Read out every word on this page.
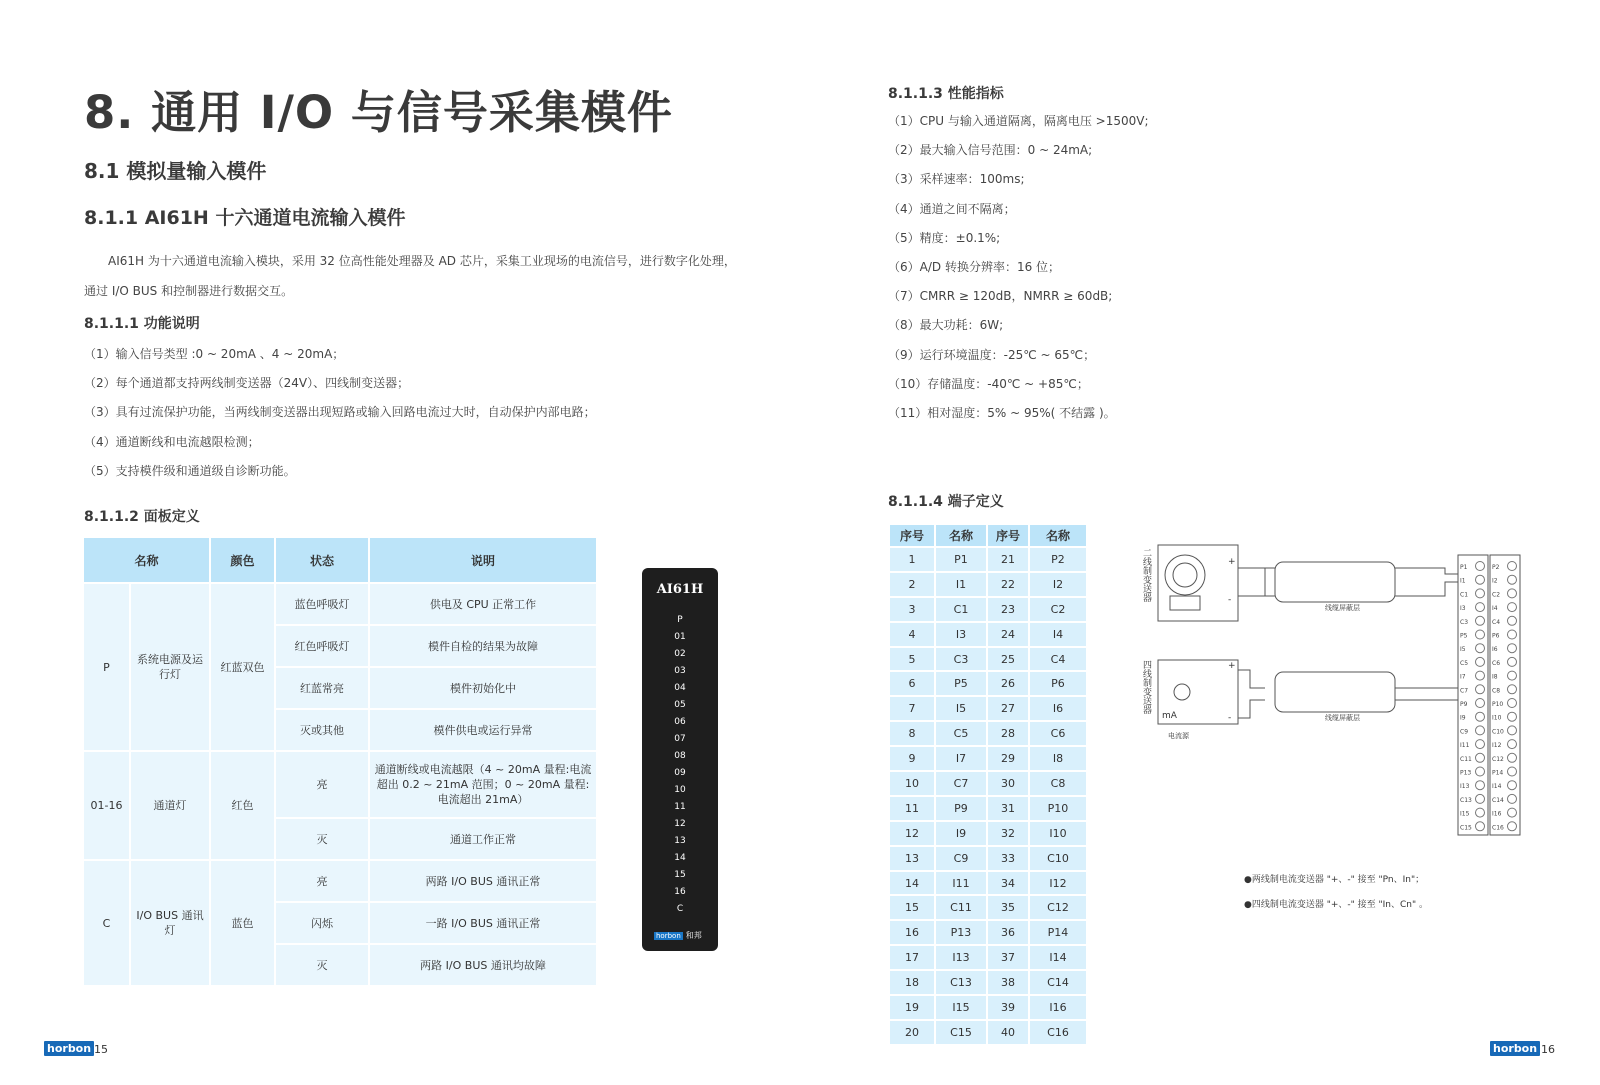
8. 通用 I/O 与信号采集模件
8.1 模拟量输入模件
8.1.1 AI61H 十六通道电流输入模件
AI61H 为十六通道电流输入模块，采用 32 位高性能处理器及 AD 芯片，采集工业现场的电流信号，进行数字化处理，
通过 I/O BUS 和控制器进行数据交互。
8.1.1.1 功能说明
（1）输入信号类型 :0 ~ 20mA 、4 ~ 20mA；
（2）每个通道都支持两线制变送器（24V）、四线制变送器；
（3）具有过流保护功能，当两线制变送器出现短路或输入回路电流过大时，自动保护内部电路；
（4）通道断线和电流越限检测；
（5）支持模件级和通道级自诊断功能。
8.1.1.2 面板定义
名称		颜色	状态	说明
P	系统电源及运行灯	红蓝双色	蓝色呼吸灯	供电及 CPU 正常工作
			红色呼吸灯	模件自检的结果为故障
			红蓝常亮	模件初始化中
			灭或其他	模件供电或运行异常
01-16	通道灯	红色	亮	通道断线或电流越限（4 ~ 20mA 量程:电流超出 0.2 ~ 21mA 范围；0 ~ 20mA 量程:电流超出 21mA）
			灭	通道工作正常
C	I/O BUS 通讯灯	蓝色	亮	两路 I/O BUS 通讯正常
			闪烁	一路 I/O BUS 通讯正常
			灭	两路 I/O BUS 通讯均故障
AI61H
P
01
02
03
04
05
06
07
08
09
10
11
12
13
14
15
16
C
horbon 和邦
horbon 15
8.1.1.3 性能指标
（1）CPU 与输入通道隔离，隔离电压 >1500V;
（2）最大输入信号范围：0 ~ 24mA;
（3）采样速率：100ms;
（4）通道之间不隔离；
（5）精度：±0.1%;
（6）A/D 转换分辨率：16 位；
（7）CMRR ≥ 120dB，NMRR ≥ 60dB;
（8）最大功耗：6W;
（9）运行环境温度：-25℃ ~ 65℃；
（10）存储温度：-40℃ ~ +85℃；
（11）相对湿度：5% ~ 95%( 不结露 )。
8.1.1.4 端子定义
序号	名称	序号	名称
1	P1	21	P2
2	I1	22	I2
3	C1	23	C2
4	I3	24	I4
5	C3	25	C4
6	P5	26	P6
7	I5	27	I6
8	C5	28	C6
9	I7	29	I8
10	C7	30	C8
11	P9	31	P10
12	I9	32	I10
13	C9	33	C10
14	I11	34	I12
15	C11	35	C12
16	P13	36	P14
17	I13	37	I14
18	C13	38	C14
19	I15	39	I16
20	C15	40	C16
P1	P2
I1	I2
C1	C2
I3	I4
C3	C4
P5	P6
I5	I6
C5	C6
I7	I8
C7	C8
P9	P10
I9	I10
C9	C10
I11	I12
C11	C12
P13	P14
I13	I14
C13	C14
I15	I16
C15	C16
二线制变送器
四线制变送器
+
-
+
-
mA
电流源
线缆屏蔽层
线缆屏蔽层
●两线制电流变送器 "+、-" 接至 "Pn、In"；
●四线制电流变送器 "+、-" 接至 "In、Cn" 。
horbon 16
